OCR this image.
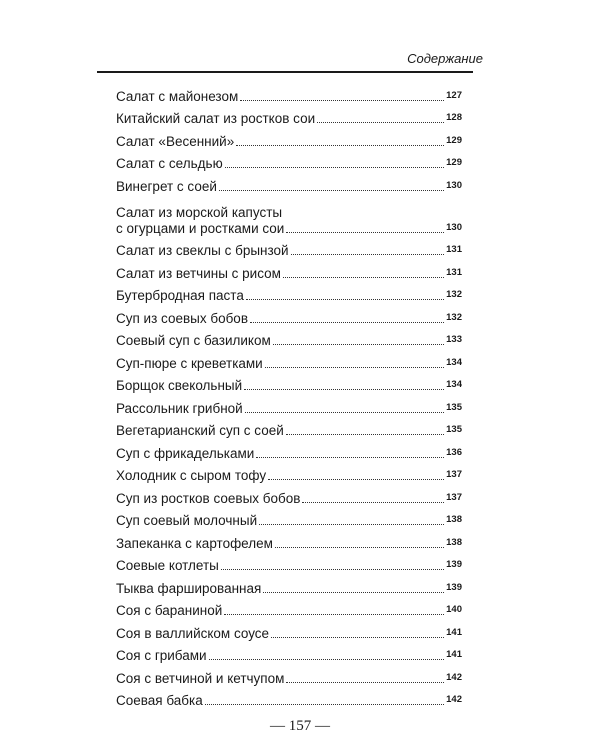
Содержание
Салат с майонезом	127
Китайский салат из ростков сои	128
Салат «Весенний»	129
Салат с сельдью	129
Винегрет с соей	130
Салат из морской капусты
с огурцами и ростками сои	130
Салат из свеклы с брынзой	131
Салат из ветчины с рисом	131
Бутербродная паста	132
Суп из соевых бобов	132
Соевый суп с базиликом	133
Суп-пюре с креветками	134
Борщок свекольный	134
Рассольник грибной	135
Вегетарианский суп с соей	135
Суп с фрикадельками	136
Холодник с сыром тофу	137
Суп из ростков соевых бобов	137
Суп соевый молочный	138
Запеканка с картофелем	138
Соевые котлеты	139
Тыква фаршированная	139
Соя с бараниной	140
Соя в валлийском соусе	141
Соя с грибами	141
Соя с ветчиной и кетчупом	142
Соевая бабка	142
— 157 —
